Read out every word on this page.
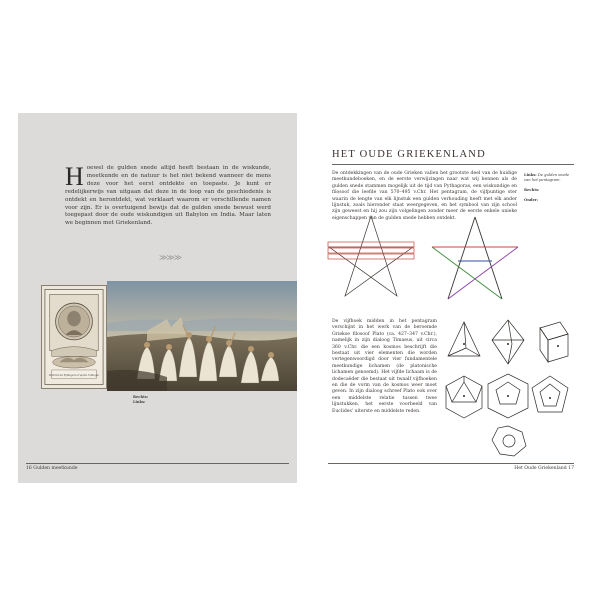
H oewel de gulden snede altijd heeft bestaan in de wiskunde, meetkunde en de natuur is het niet bekend wanneer de mens deze voor het eerst ontdekte en toepaste. Je kunt er redelijkerwijs van uitgaan dat deze in de loop van de geschiedenis is ontdekt en herontdekt, wat verklaart waarom er verschillende namen voor zijn. Er is overtuigend bewijs dat de gulden snede bewust werd toegepast door de oude wiskundigen uit Babylon en India. Maar laten we beginnen met Griekenland.
≫≫≫
Portrait de Pythagore d'après l'antique
Rechts:
Links:
16 Gulden meetkunde
HET OUDE GRIEKENLAND
De ontdekkingen van de oude Grieken vallen het grootste deel van de huidige meetkundeboeken, en de eerste verwijzingen naar wat wij kennen als de gulden snede stammen mogelijk uit de tijd van Pythagoras, een wiskundige en filosoof die leefde van 570–495 v.Chr. Het pentagram, de vijfpuntige ster waarin de lengte van elk lijnstuk een gulden verhouding heeft met elk ander lijnstuk, zoals hieronder staat weergegeven, en het symbool van zijn school zijn geweest en hij zou zijn volgelingen zonder meer de eerste enkele unieke eigenschappen van de gulden snede hebben ontdekt.

Links: De gulden snede van het pentagram.

Rechts:

Onder:

De vijfhoek midden in het pentagram verschijnt in het werk van de beroemde Griekse filosoof Plato (ca. 427–347 v.Chr.), namelijk in zijn dialoog Timaeus, uit circa 360 v.Chr. die een kosmos beschrijft die bestaat uit vier elementen die worden vertegenwoordigd door vier fundamentele meetkundige lichamen (de platonische lichamen genoemd). Het vijfde lichaam is de dodecaëder die bestaat uit twaalf vijfhoeken en die de vorm van de kosmos weer moet geven. In zijn dialoog schreef Plato ook over een middelste relatie tussen twee lijnstukken, het eerste voorbeeld van Euclides' uiterste en middelste reden.
Het Oude Griekenland 17
